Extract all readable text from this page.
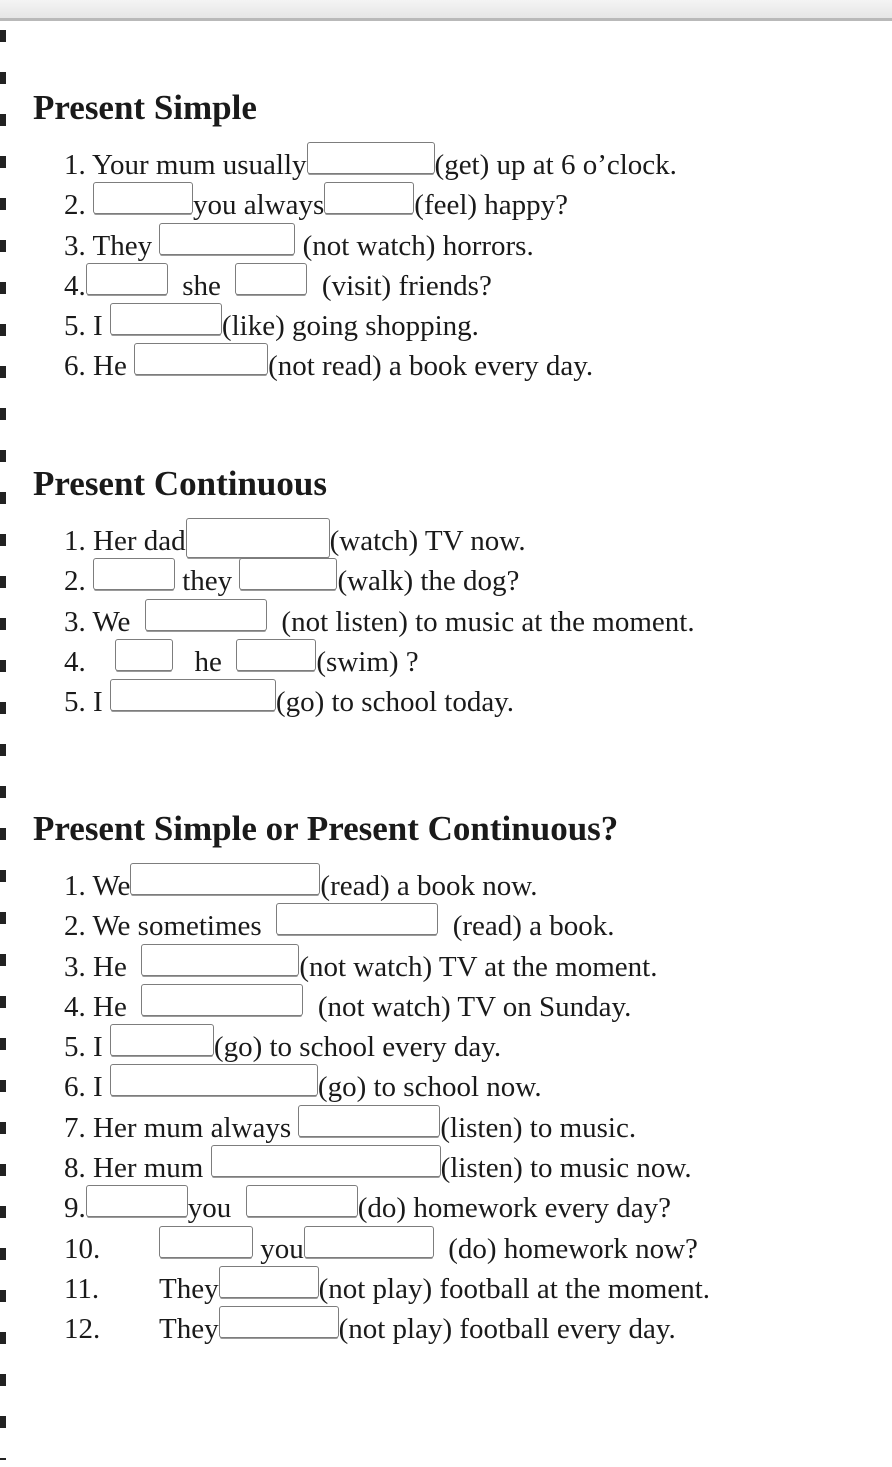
Present Simple
1. Your mum usually	(get) up at 6 o’clock.
2.	you always	(feel) happy?
3. They	(not watch) horrors.
4.	she	(visit) friends?
5. I	(like) going shopping.
6. He	(not read) a book every day.
Present Continuous
1. Her dad	(watch) TV now.
2.	they	(walk) the dog?
3. We	(not listen) to music at the moment.
4.	he	(swim) ?
5. I	(go) to school today.
Present Simple or Present Continuous?
1. We	(read) a book now.
2. We sometimes	(read) a book.
3. He	(not watch) TV at the moment.
4. He	(not watch) TV on Sunday.
5. I	(go) to school every day.
6. I	(go) to school now.
7. Her mum always	(listen) to music.
8. Her mum	(listen) to music now.
9.	you	(do) homework every day?
10.	you	(do) homework now?
11. They	(not play) football at the moment.
12. They	(not play) football every day.
